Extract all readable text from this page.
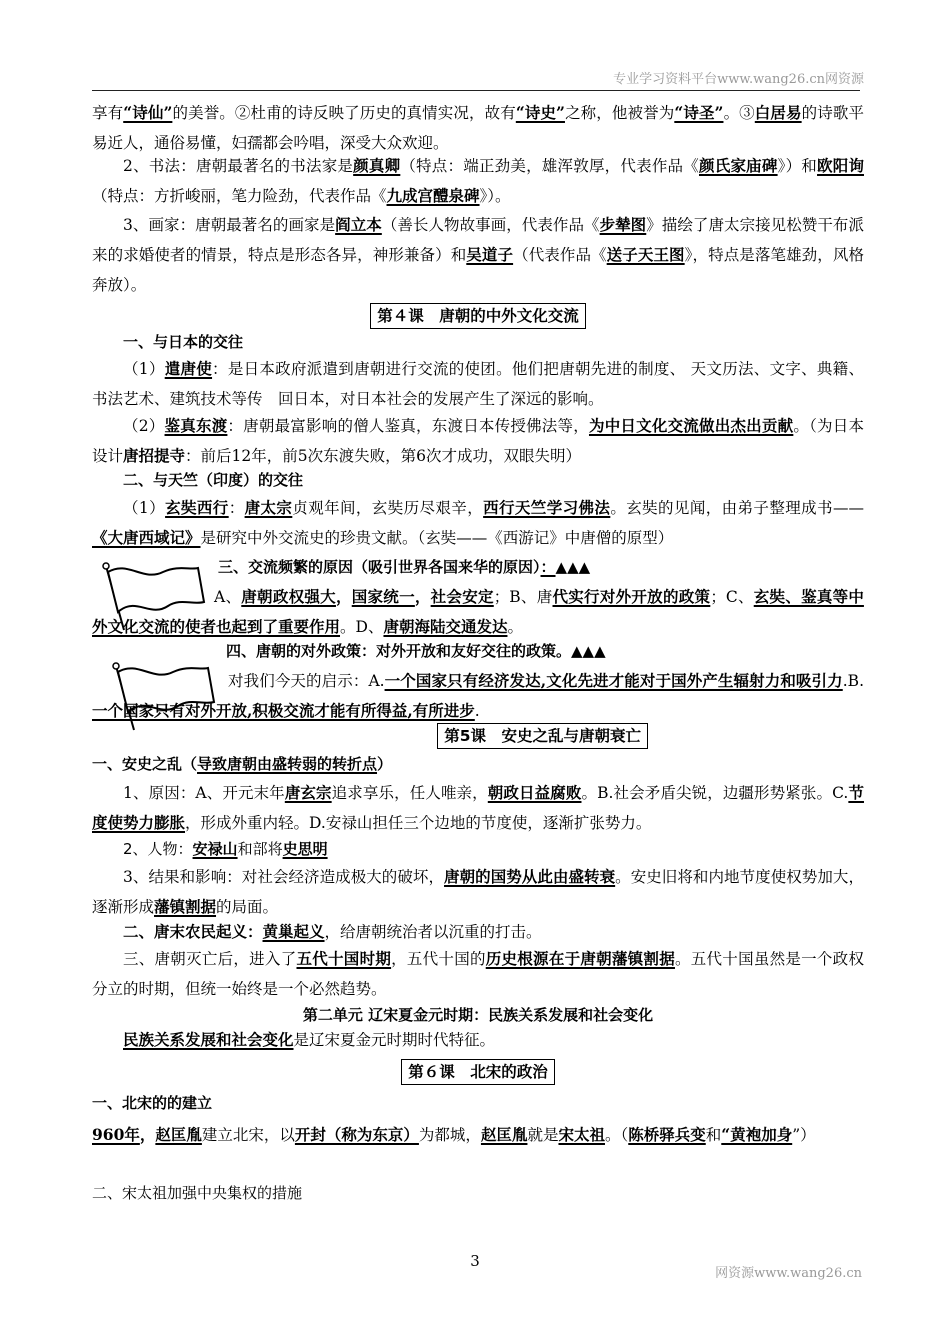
专业学习资料平台www.wang26.cn网资源
享有“诗仙”的美誉。②杜甫的诗反映了历史的真情实况，故有“诗史”之称，他被誉为“诗圣”。③白居易的诗歌平易近人，通俗易懂，妇孺都会吟唱，深受大众欢迎。
2、书法：唐朝最著名的书法家是颜真卿（特点：端正劲美，雄浑敦厚，代表作品《颜氏家庙碑》）和欧阳询（特点：方折峻丽，笔力险劲，代表作品《九成宫醴泉碑》）。
3、画家：唐朝最著名的画家是阎立本（善长人物故事画，代表作品《步辇图》描绘了唐太宗接见松赞干布派来的求婚使者的情景，特点是形态各异，神形兼备）和吴道子（代表作品《送子天王图》，特点是落笔雄劲，风格奔放）。
第４课　唐朝的中外文化交流
一、与日本的交往
（1）遣唐使：是日本政府派遣到唐朝进行交流的使团。他们把唐朝先进的制度、 天文历法、文字、典籍、书法艺术、建筑技术等传　回日本，对日本社会的发展产生了深远的影响。
（2）鉴真东渡：唐朝最富影响的僧人鉴真，东渡日本传授佛法等，为中日文化交流做出杰出贡献。（为日本设计唐招提寺：前后12年，前5次东渡失败，第6次才成功，双眼失明）
二、与天竺（印度）的交往
（1）玄奘西行：唐太宗贞观年间，玄奘历尽艰辛，西行天竺学习佛法。玄奘的见闻，由弟子整理成书——《大唐西域记》是研究中外交流史的珍贵文献。（玄奘——《西游记》中唐僧的原型）
三、交流频繁的原因（吸引世界各国来华的原因）：▲▲▲
A、唐朝政权强大，国家统一，社会安定；B、唐代实行对外开放的政策；C、玄奘、鉴真等中外文化交流的使者也起到了重要作用。D、唐朝海陆交通发达。
四、唐朝的对外政策：对外开放和友好交往的政策。▲▲▲
对我们今天的启示：A.一个国家只有经济发达,文化先进才能对于国外产生辐射力和吸引力.B.一个国家只有对外开放,积极交流才能有所得益,有所进步.
第5课　安史之乱与唐朝衰亡
一、安史之乱（导致唐朝由盛转弱的转折点）
1、原因：A、开元末年唐玄宗追求享乐，任人唯亲，朝政日益腐败。B.社会矛盾尖锐，边疆形势紧张。C.节度使势力膨胀，形成外重内轻。D.安禄山担任三个边地的节度使，逐渐扩张势力。
2、人物：安禄山和部将史思明
3、结果和影响：对社会经济造成极大的破坏，唐朝的国势从此由盛转衰。安史旧将和内地节度使权势加大，逐渐形成藩镇割据的局面。
二、唐末农民起义：黄巢起义，给唐朝统治者以沉重的打击。
三、唐朝灭亡后，进入了五代十国时期，五代十国的历史根源在于唐朝藩镇割据。五代十国虽然是一个政权分立的时期，但统一始终是一个必然趋势。
第二单元 辽宋夏金元时期：民族关系发展和社会变化
民族关系发展和社会变化是辽宋夏金元时期时代特征。
第６课　北宋的政治
一、北宋的的建立
960年，赵匡胤建立北宋，以开封（称为东京）为都城，赵匡胤就是宋太祖。（陈桥驿兵变和“黄袍加身”）
二、宋太祖加强中央集权的措施
3
网资源www.wang26.cn
